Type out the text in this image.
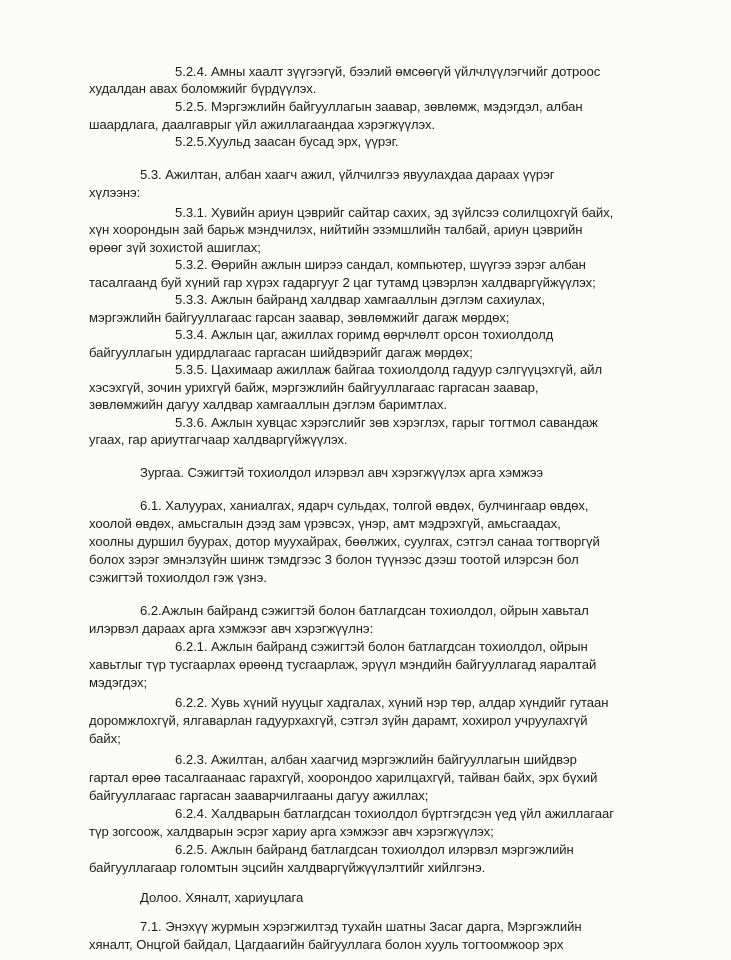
5.2.4. Амны хаалт зүүгээгүй, бээлий өмсөөгүй үйлчлүүлэгчийг дотроос
худалдан авах боломжийг бүрдүүлэх.
5.2.5. Мэргэжлийн байгууллагын заавар, зөвлөмж, мэдэгдэл, албан
шаардлага, даалгаврыг үйл ажиллагаандаа хэрэгжүүлэх.
5.2.5.Хуульд заасан бусад эрх, үүрэг.
5.3. Ажилтан, албан хаагч ажил, үйлчилгээ явуулахдаа дараах үүрэг
хүлээнэ:
5.3.1. Хувийн ариун цэврийг сайтар сахих, эд зүйлсээ солилцохгүй байх,
хүн хоорондын зай барьж мэндчилэх, нийтийн эзэмшлийн талбай, ариун цэврийн
өрөөг зүй зохистой ашиглах;
5.3.2. Өөрийн ажлын ширээ сандал, компьютер, шүүгээ зэрэг албан
тасалгаанд буй хүний гар хүрэх гадаргууг 2 цаг тутамд цэвэрлэн халдваргүйжүүлэх;
5.3.3. Ажлын байранд халдвар хамгааллын дэглэм сахиулах,
мэргэжлийн байгууллагаас гарсан заавар, зөвлөмжийг дагаж мөрдөх;
5.3.4. Ажлын цаг, ажиллах горимд өөрчлөлт орсон тохиолдолд
байгууллагын удирдлагаас гаргасан шийдвэрийг дагаж мөрдөх;
5.3.5. Цахимаар ажиллаж байгаа тохиолдолд гадуур сэлгүүцэхгүй, айл
хэсэхгүй, зочин урихгүй байж, мэргэжлийн байгууллагаас гаргасан заавар,
зөвлөмжийн дагуу халдвар хамгааллын дэглэм баримтлах.
5.3.6. Ажлын хувцас хэрэгслийг зөв хэрэглэх, гарыг тогтмол савандаж
угаах, гар ариутгагчаар халдваргүйжүүлэх.
Зургаа. Сэжигтэй тохиолдол илэрвэл авч хэрэгжүүлэх арга хэмжээ
6.1. Халуурах, ханиалгах, ядарч сульдах, толгой өвдөх, булчингаар өвдөх,
хоолой өвдөх, амьсгалын дээд зам үрэвсэх, үнэр, амт мэдрэхгүй, амьсгаадах,
хоолны дуршил буурах, дотор муухайрах, бөөлжих, суулгах, сэтгэл санаа тогтворгүй
болох зэрэг эмнэлзүйн шинж тэмдгээс 3 болон түүнээс дээш тоотой илэрсэн бол
сэжигтэй тохиолдол гэж үзнэ.
6.2.Ажлын байранд сэжигтэй болон батлагдсан тохиолдол, ойрын хавьтал
илэрвэл дараах арга хэмжээг авч хэрэгжүүлнэ:
6.2.1. Ажлын байранд сэжигтэй болон батлагдсан тохиолдол, ойрын
хавьтлыг түр тусгаарлах өрөөнд тусгаарлаж, эрүүл мэндийн байгууллагад яаралтай
мэдэгдэх;
6.2.2. Хувь хүний нууцыг хадгалах, хүний нэр төр, алдар хүндийг гутаан
доромжлохгүй, ялгаварлан гадуурхахгүй, сэтгэл зүйн дарамт, хохирол учруулахгүй
байх;
6.2.3. Ажилтан, албан хаагчид мэргэжлийн байгууллагын шийдвэр
гартал өрөө тасалгаанаас гарахгүй, хоорондоо харилцахгүй, тайван байх, эрх бүхий
байгууллагаас гаргасан зааварчилгааны дагуу ажиллах;
6.2.4. Халдварын батлагдсан тохиолдол бүртгэгдсэн үед үйл ажиллагааг
түр зогсоож, халдварын эсрэг хариу арга хэмжээг авч хэрэгжүүлэх;
6.2.5. Ажлын байранд батлагдсан тохиолдол илэрвэл мэргэжлийн
байгууллагаар голомтын эцсийн халдваргүйжүүлэлтийг хийлгэнэ.
Долоо. Хяналт, хариуцлага
7.1. Энэхүү журмын хэрэгжилтэд тухайн шатны Засаг дарга, Мэргэжлийн
хяналт, Онцгой байдал, Цагдаагийн байгууллага болон хууль тогтоомжоор эрх
